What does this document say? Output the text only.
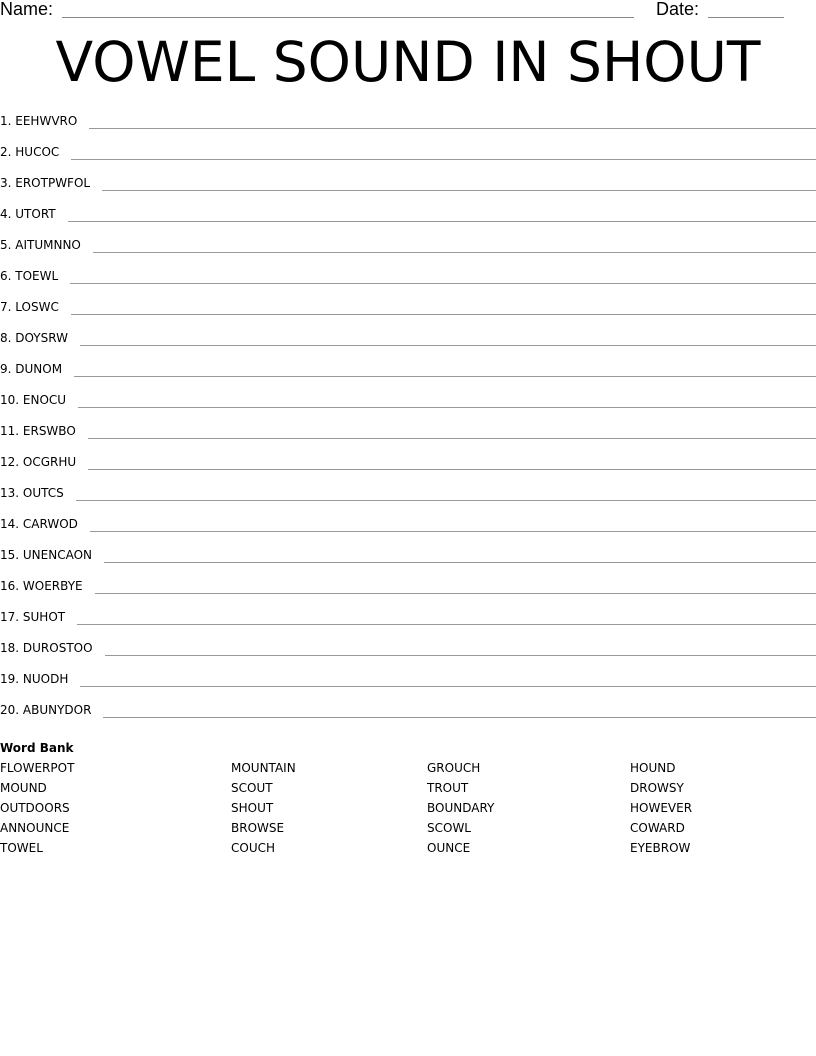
Name:	Date:
VOWEL SOUND IN SHOUT
1. EEHWVRO
2. HUCOC
3. EROTPWFOL
4. UTORT
5. AITUMNNO
6. TOEWL
7. LOSWC
8. DOYSRW
9. DUNOM
10. ENOCU
11. ERSWBO
12. OCGRHU
13. OUTCS
14. CARWOD
15. UNENCAON
16. WOERBYE
17. SUHOT
18. DUROSTOO
19. NUODH
20. ABUNYDOR
Word Bank
FLOWERPOT
MOUND
OUTDOORS
ANNOUNCE
TOWEL
MOUNTAIN
SCOUT
SHOUT
BROWSE
COUCH
GROUCH
TROUT
BOUNDARY
SCOWL
OUNCE
HOUND
DROWSY
HOWEVER
COWARD
EYEBROW
